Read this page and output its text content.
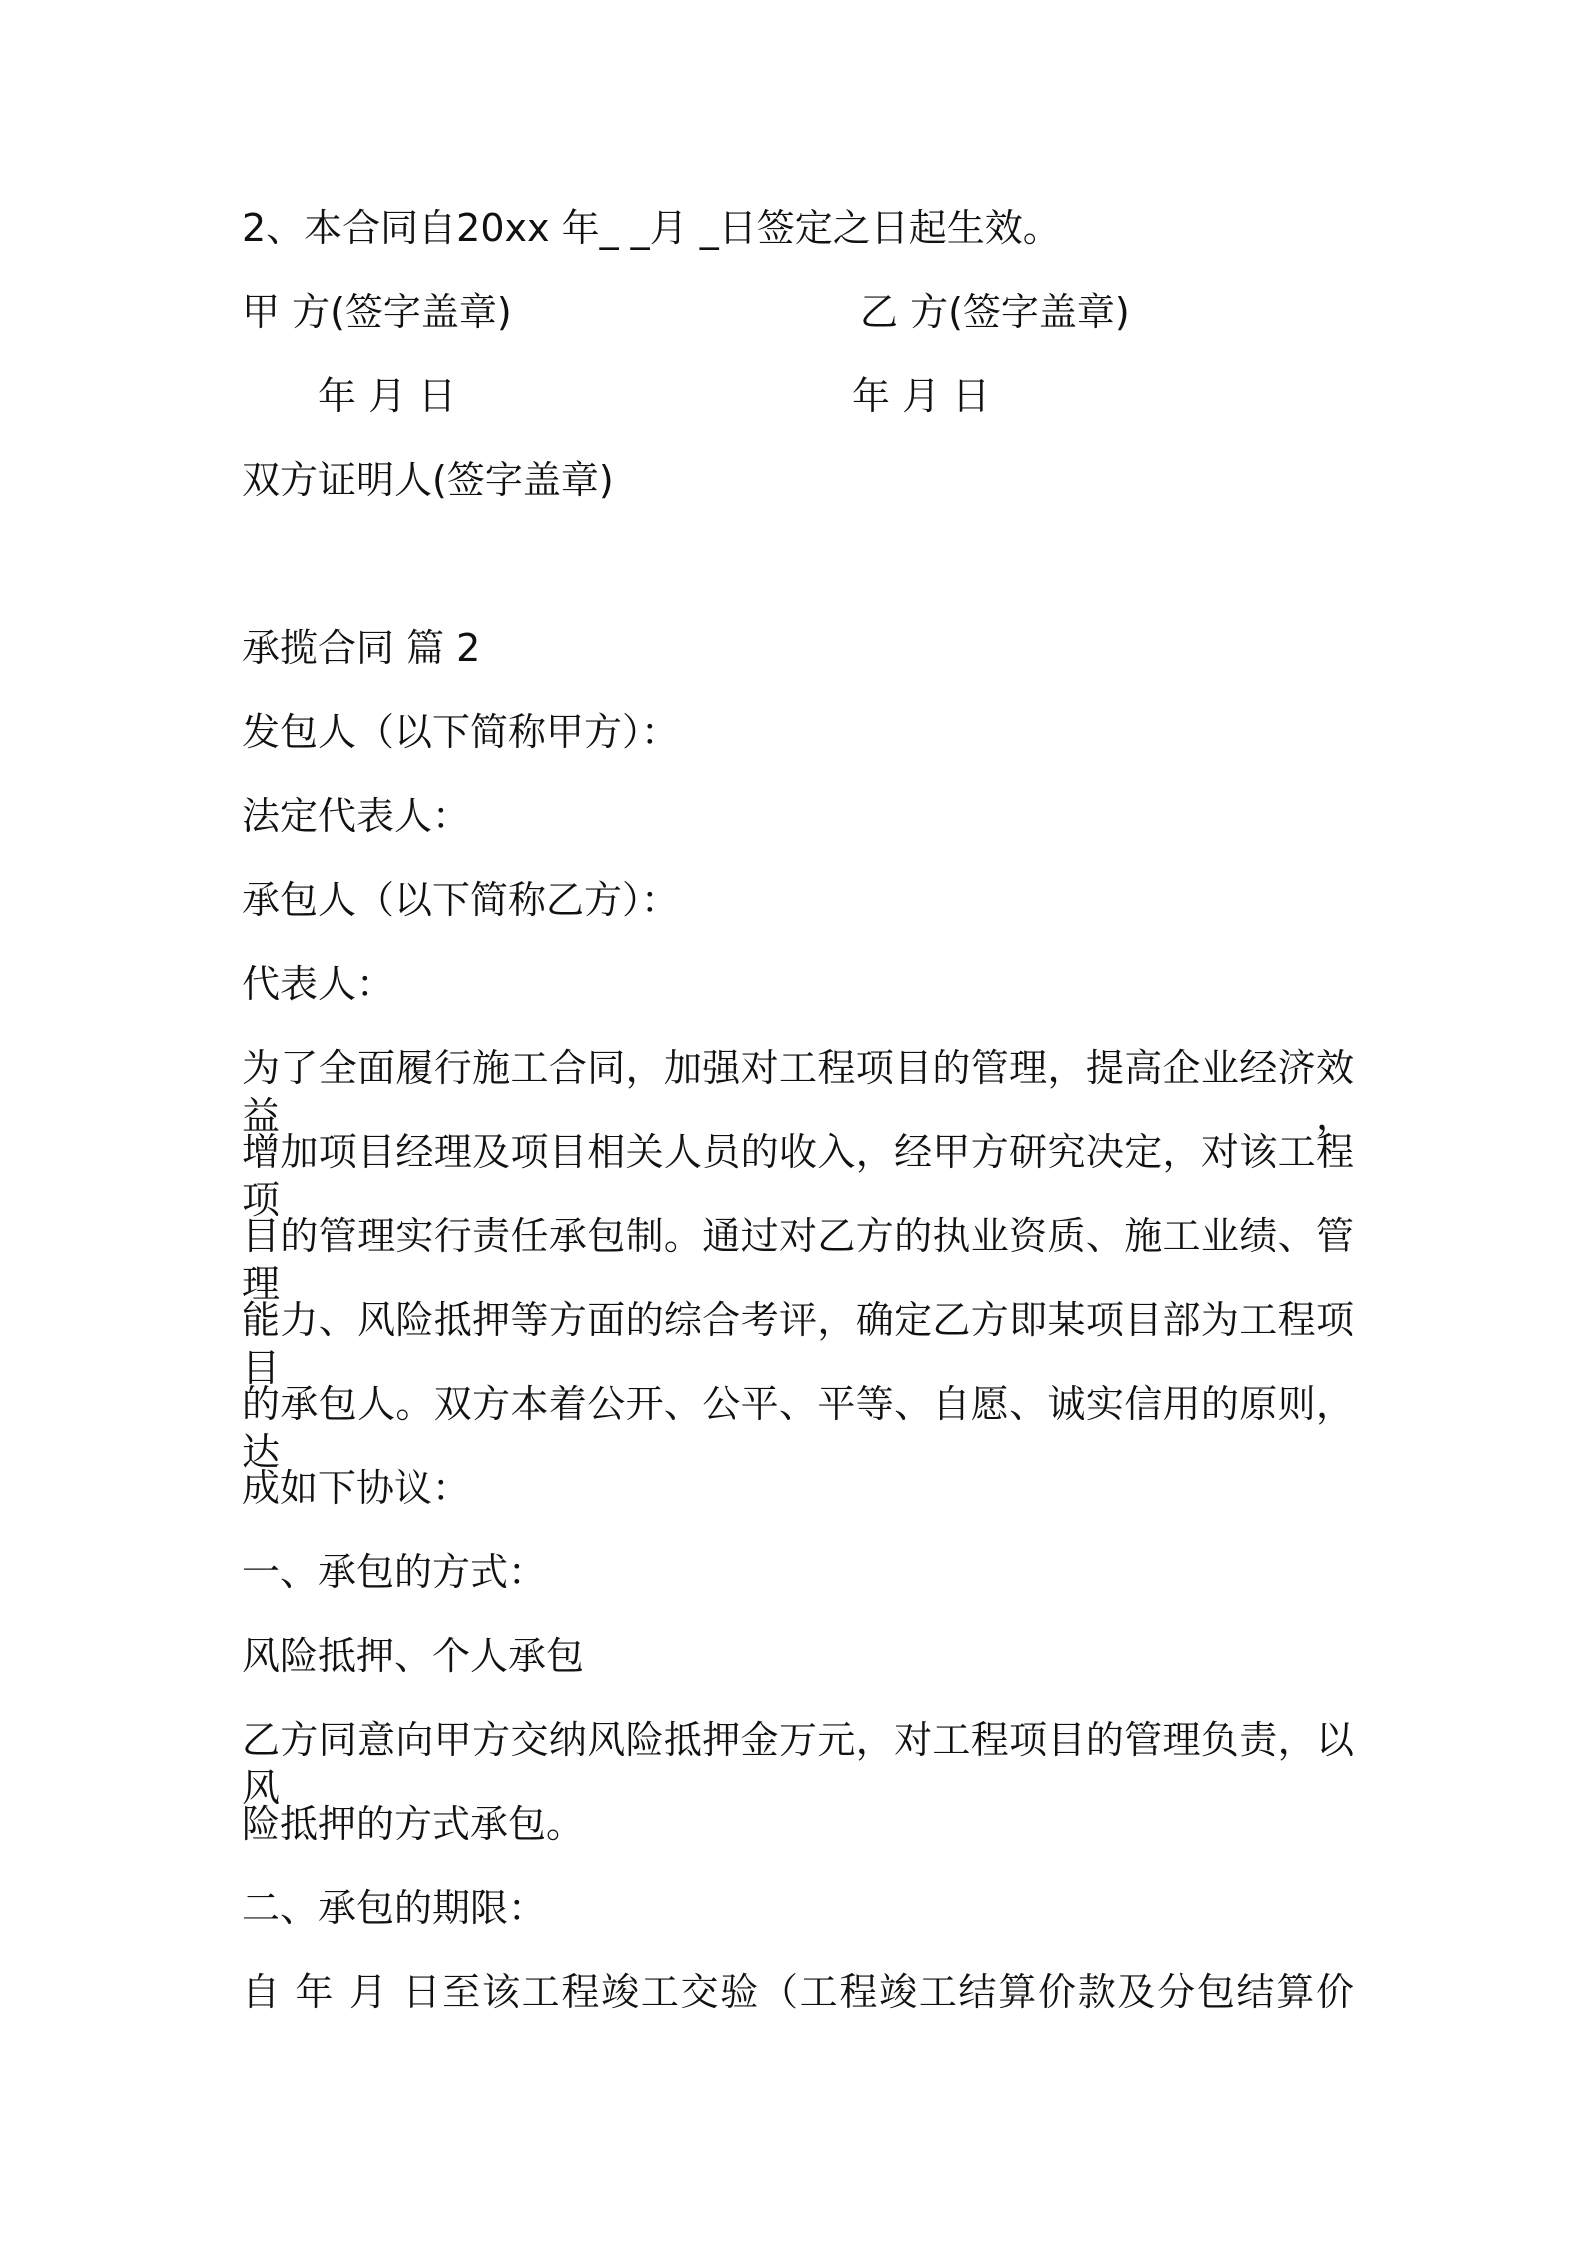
2、本合同自20xx 年_ _月 _日签定之日起生效。
甲 方(签字盖章)	乙 方(签字盖章)
年 月 日	年 月 日
双方证明人(签字盖章)
承揽合同 篇 2
发包人（以下简称甲方）：
法定代表人：
承包人（以下简称乙方）：
代表人：
为了全面履行施工合同，加强对工程项目的管理，提高企业经济效益，
增加项目经理及项目相关人员的收入，经甲方研究决定，对该工程项
目的管理实行责任承包制。通过对乙方的执业资质、施工业绩、管理
能力、风险抵押等方面的综合考评，确定乙方即某项目部为工程项目
的承包人。双方本着公开、公平、平等、自愿、诚实信用的原则，达
成如下协议：
一、承包的方式：
风险抵押、个人承包
乙方同意向甲方交纳风险抵押金万元，对工程项目的管理负责，以风
险抵押的方式承包。
二、承包的期限：
自 年 月 日至该工程竣工交验（工程竣工结算价款及分包结算价
